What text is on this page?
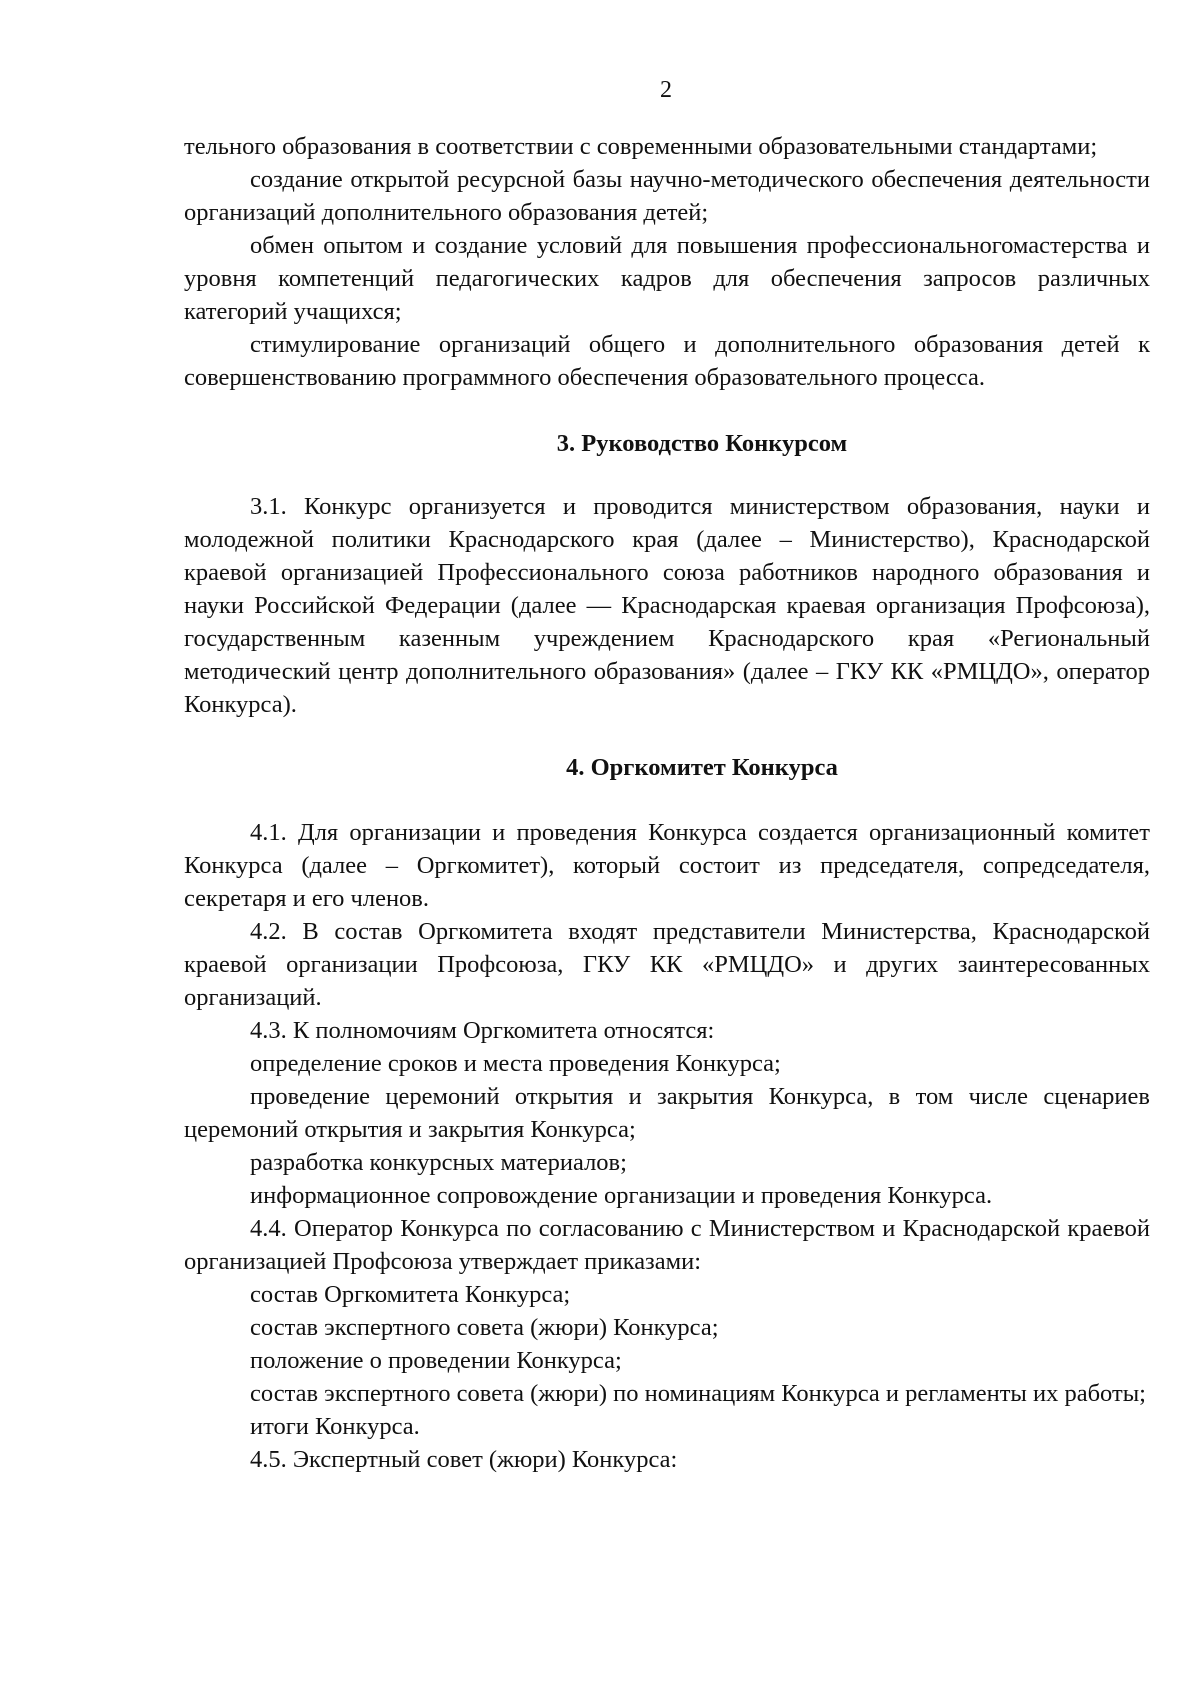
2

тельного образования в соответствии с современными образовательными стандартами;

создание открытой ресурсной базы научно-методического обеспечения деятельности организаций дополнительного образования детей;

обмен опытом и создание условий для повышения профессиональногомастерства и уровня компетенций педагогических кадров для обеспечения запросов различных категорий учащихся;

стимулирование организаций общего и дополнительного образования детей к совершенствованию программного обеспечения образовательного процесса.

3. Руководство Конкурсом

3.1. Конкурс организуется и проводится министерством образования, науки и молодежной политики Краснодарского края (далее – Министерство), Краснодарской краевой организацией Профессионального союза работников народного образования и науки Российской Федерации (далее — Краснодарская краевая организация Профсоюза), государственным казенным учреждением Краснодарского края «Региональный методический центр дополнительного образования» (далее – ГКУ КК «РМЦДО», оператор Конкурса).

4. Оргкомитет Конкурса

4.1. Для организации и проведения Конкурса создается организационный комитет Конкурса (далее – Оргкомитет), который состоит из председателя, сопредседателя, секретаря и его членов.

4.2. В состав Оргкомитета входят представители Министерства, Краснодарской краевой организации Профсоюза, ГКУ КК «РМЦДО» и других заинтересованных организаций.

4.3. К полномочиям Оргкомитета относятся:

определение сроков и места проведения Конкурса;

проведение церемоний открытия и закрытия Конкурса, в том числе сценариев церемоний открытия и закрытия Конкурса;

разработка конкурсных материалов;

информационное сопровождение организации и проведения Конкурса.

4.4. Оператор Конкурса по согласованию с Министерством и Краснодарской краевой организацией Профсоюза утверждает приказами:

состав Оргкомитета Конкурса;

состав экспертного совета (жюри) Конкурса;

положение о проведении Конкурса;

состав экспертного совета (жюри) по номинациям Конкурса и регламенты их работы;

итоги Конкурса.

4.5. Экспертный совет (жюри) Конкурса:
